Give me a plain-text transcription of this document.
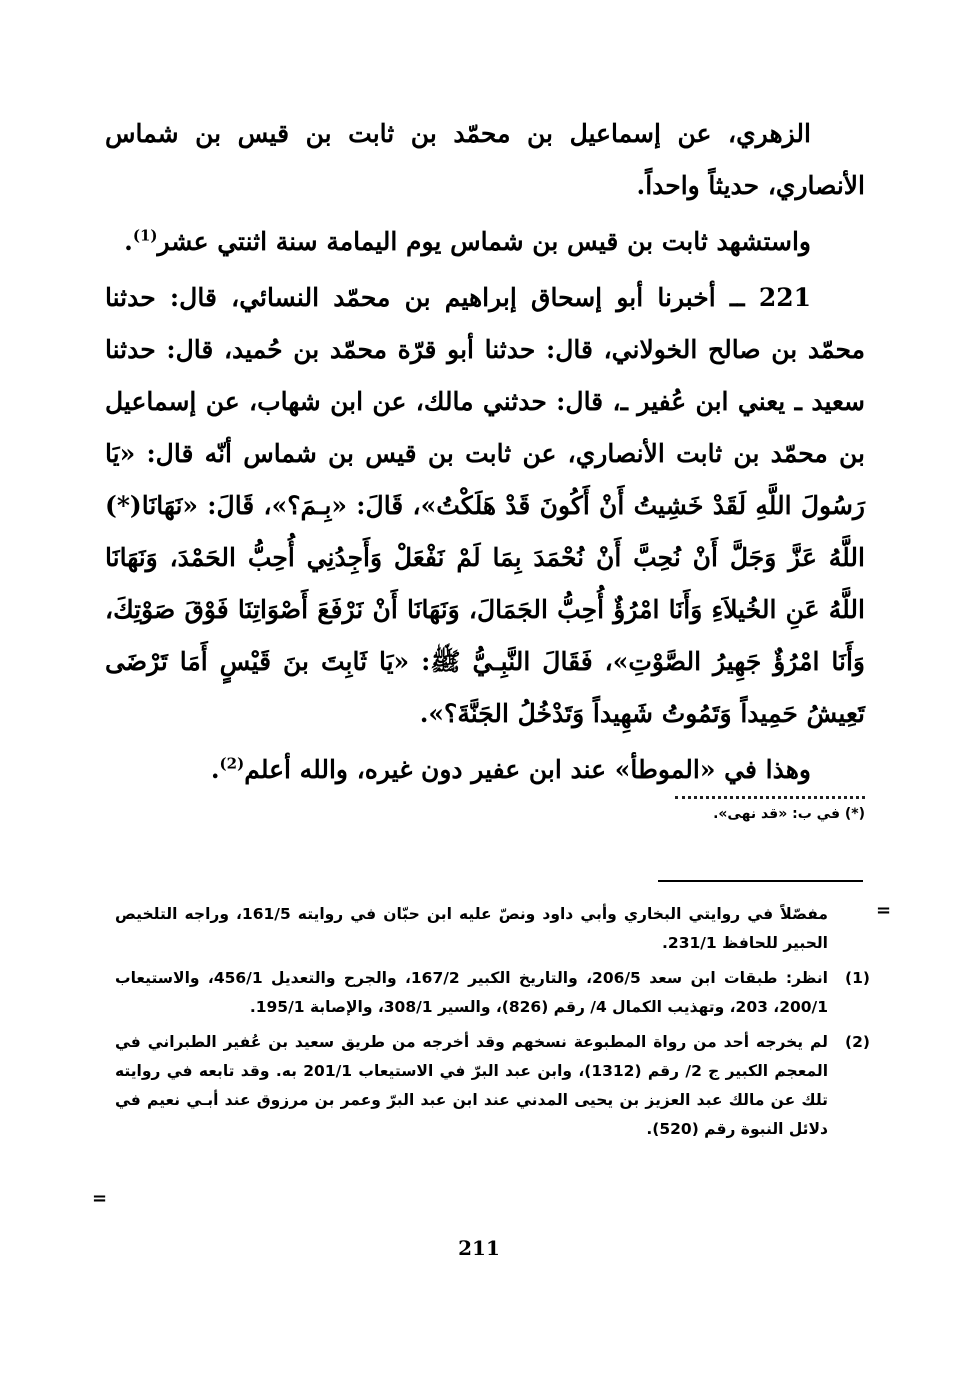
الزهري، عن إسماعيل بن محمّد بن ثابت بن قيس بن شماس الأنصاري، حديثاً واحداً.

واستشهد ثابت بن قيس بن شماس يوم اليمامة سنة اثنتي عشر$^{(1)}$.

221 ــ أخبرنا أبو إسحاق إبراهيم بن محمّد النسائي، قال: حدثنا محمّد بن صالح الخولاني، قال: حدثنا أبو قرّة محمّد بن حُميد، قال: حدثنا سعيد ـ يعني ابن عُفير ـ، قال: حدثني مالك، عن ابن شهاب، عن إسماعيل بن محمّد بن ثابت الأنصاري، عن ثابت بن قيس بن شماس أنّه قال: «يَا رَسُولَ اللَّهِ لَقَدْ خَشِيتُ أَنْ أَكُونَ قَدْ هَلَكْتُ»، قَالَ: «بِـمَ؟»، قَالَ: «نَهَانَا(*) اللَّهُ عَزَّ وَجَلَّ أَنْ نُحِبَّ أَنْ نُحْمَدَ بِمَا لَمْ نَفْعَلْ وَأَجِدُنِي أُحِبُّ الحَمْدَ، وَنَهَانَا اللَّهُ عَنِ الخُيلاَءِ وَأَنَا امْرُؤٌ أُحِبُّ الجَمَالَ، وَنَهَانَا أَنْ نَرْفَعَ أَصْوَاتِنَا فَوْقَ صَوْتِكَ، وَأَنَا امْرُؤٌ جَهِيرُ الصَّوْتِ»، فَقَالَ النَّبِـيُّ ﷺ: «يَا ثَابِتَ بنَ قَيْسٍ أَمَا تَرْضَى تَعِيشُ حَمِيداً وَتَمُوتُ شَهِيداً وَتَدْخُلُ الجَنَّةَ؟».

وهذا في «الموطأ» عند ابن عفير دون غيره، والله أعلم$^{(2)}$.

(*) في ب: «قد نهى».
=
مفصّلاً في روايتي البخاري وأبي داود ونصّ عليه ابن حبّان في روايته 161/5، وراجه التلخيص الحبير للحافظ 231/1.
(1)
انظر: طبقات ابن سعد 206/5، والتاريخ الكبير 167/2، والجرح والتعديل 456/1، والاستيعاب 200/1، 203، وتهذيب الكمال 4/ رقم (826)، والسير 308/1، والإصابة 195/1.
(2)
لم يخرجه أحد من رواة المطبوعة نسخهم وقد أخرجه من طريق سعيد بن عُفير الطبراني في المعجم الكبير ج 2/ رقم (1312)، وابن عبد البرّ في الاستيعاب 201/1 به. وقد تابعه في روايته تلك عن مالك عبد العزيز بن يحيى المدني عند ابن عبد البرّ وعمر بن مرزوق عند أبـي نعيم في دلائل النبوة رقم (520).
=
211
